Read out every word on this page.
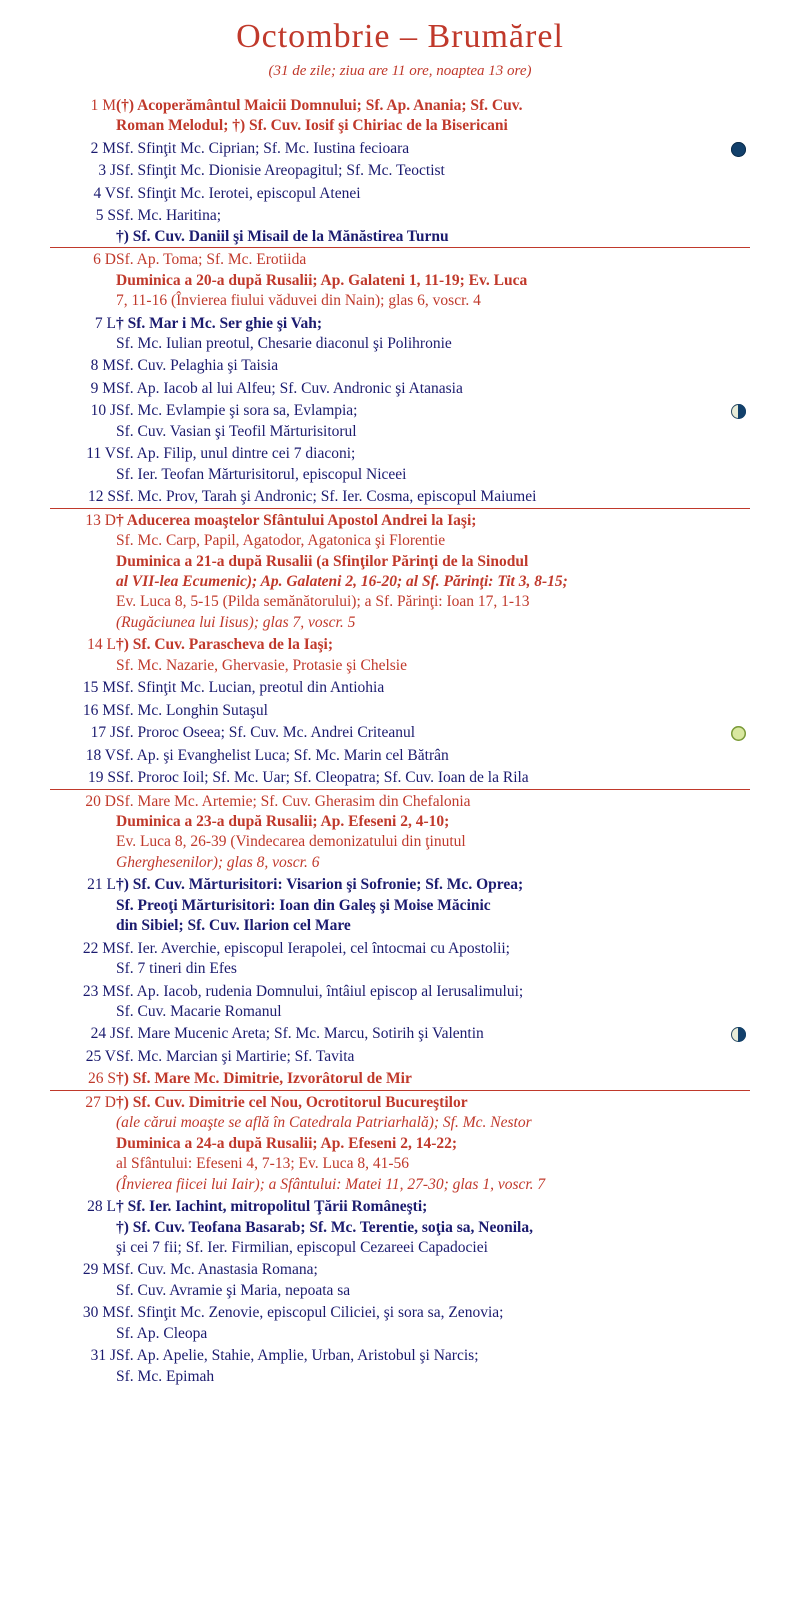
Octombrie – Brumărel
(31 de zile; ziua are 11 ore, noaptea 13 ore)
1 M	(†) Acoperământul Maicii Domnului; Sf. Ap. Anania; Sf. Cuv.
Roman Melodul; †) Sf. Cuv. Iosif şi Chiriac de la Bisericani	

2 M	Sf. Sfinţit Mc. Ciprian; Sf. Mc. Iustina fecioara	

3 J	Sf. Sfinţit Mc. Dionisie Areopagitul; Sf. Mc. Teoctist	

4 V	Sf. Sfinţit Mc. Ierotei, episcopul Atenei	

5 S	Sf. Mc. Haritina;
†) Sf. Cuv. Daniil şi Misail de la Mănăstirea Turnu	

6 D	Sf. Ap. Toma; Sf. Mc. Erotiida
Duminica a 20-a după Rusalii; Ap. Galateni 1, 11-19; Ev. Luca
7, 11-16 (Învierea fiului văduvei din Nain); glas 6, voscr. 4	

7 L	† Sf. Mar i Mc. Ser ghie şi Vah;
Sf. Mc. Iulian preotul, Chesarie diaconul şi Polihronie	

8 M	Sf. Cuv. Pelaghia şi Taisia	

9 M	Sf. Ap. Iacob al lui Alfeu; Sf. Cuv. Andronic şi Atanasia	

10 J	Sf. Mc. Evlampie şi sora sa, Evlampia;
Sf. Cuv. Vasian şi Teofil Mărturisitorul	

11 V	Sf. Ap. Filip, unul dintre cei 7 diaconi;
Sf. Ier. Teofan Mărturisitorul, episcopul Niceei	

12 S	Sf. Mc. Prov, Tarah şi Andronic; Sf. Ier. Cosma, episcopul Maiumei	

13 D	† Aducerea moaştelor Sfântului Apostol Andrei la Iaşi;
Sf. Mc. Carp, Papil, Agatodor, Agatonica şi Florentie
Duminica a 21-a după Rusalii (a Sfinţilor Părinţi de la Sinodul
al VII-lea Ecumenic); Ap. Galateni 2, 16-20; al Sf. Părinţi: Tit 3, 8-15;
Ev. Luca 8, 5-15 (Pilda semănătorului); a Sf. Părinţi: Ioan 17, 1-13
(Rugăciunea lui Iisus); glas 7, voscr. 5

14 L	†) Sf. Cuv. Parascheva de la Iaşi;
Sf. Mc. Nazarie, Ghervasie, Protasie şi Chelsie	

15 M	Sf. Sfinţit Mc. Lucian, preotul din Antiohia	

16 M	Sf. Mc. Longhin Sutaşul	

17 J	Sf. Proroc Oseea; Sf. Cuv. Mc. Andrei Criteanul	

18 V	Sf. Ap. şi Evanghelist Luca; Sf. Mc. Marin cel Bătrân	

19 S	Sf. Proroc Ioil; Sf. Mc. Uar; Sf. Cleopatra; Sf. Cuv. Ioan de la Rila	

20 D	Sf. Mare Mc. Artemie; Sf. Cuv. Gherasim din Chefalonia
Duminica a 23-a după Rusalii; Ap. Efeseni 2, 4-10;
Ev. Luca 8, 26-39 (Vindecarea demonizatului din ţinutul
Gherghesenilor); glas 8, voscr. 6	

21 L	†) Sf. Cuv. Mărturisitori: Visarion şi Sofronie; Sf. Mc. Oprea;
Sf. Preoţi Mărturisitori: Ioan din Galeş şi Moise Măcinic
din Sibiel; Sf. Cuv. Ilarion cel Mare	

22 M	Sf. Ier. Averchie, episcopul Ierapolei, cel întocmai cu Apostolii;
Sf. 7 tineri din Efes	

23 M	Sf. Ap. Iacob, rudenia Domnului, întâiul episcop al Ierusalimului;
Sf. Cuv. Macarie Romanul	

24 J	Sf. Mare Mucenic Areta; Sf. Mc. Marcu, Sotirih şi Valentin	

25 V	Sf. Mc. Marcian şi Martirie; Sf. Tavita	

26 S	†) Sf. Mare Mc. Dimitrie, Izvorâtorul de Mir	

27 D	†) Sf. Cuv. Dimitrie cel Nou, Ocrotitorul Bucureştilor
(ale cărui moaşte se află în Catedrala Patriarhală); Sf. Mc. Nestor
Duminica a 24-a după Rusalii; Ap. Efeseni 2, 14-22;
al Sfântului: Efeseni 4, 7-13; Ev. Luca 8, 41-56
(Învierea fiicei lui Iair); a Sfântului: Matei 11, 27-30; glas 1, voscr. 7	

28 L	† Sf. Ier. Iachint, mitropolitul Ţării Româneşti;
†) Sf. Cuv. Teofana Basarab; Sf. Mc. Terentie, soţia sa, Neonila,
şi cei 7 fii; Sf. Ier. Firmilian, episcopul Cezareei Capadociei	

29 M	Sf. Cuv. Mc. Anastasia Romana;
Sf. Cuv. Avramie şi Maria, nepoata sa	

30 M	Sf. Sfinţit Mc. Zenovie, episcopul Ciliciei, şi sora sa, Zenovia;
Sf. Ap. Cleopa	

31 J	Sf. Ap. Apelie, Stahie, Amplie, Urban, Aristobul şi Narcis;
Sf. Mc. Epimah	
